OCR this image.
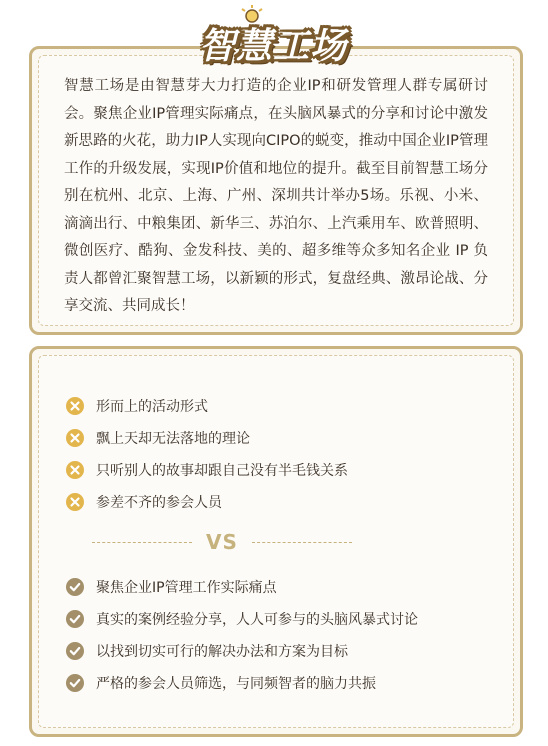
智慧工场

智慧工场是由智慧芽大力打造的企业IP和研发管理人群专属研讨会。聚焦企业IP管理实际痛点，在头脑风暴式的分享和讨论中激发新思路的火花，助力IP人实现向CIPO的蜕变，推动中国企业IP管理工作的升级发展，实现IP价值和地位的提升。截至目前智慧工场分别在杭州、北京、上海、广州、深圳共计举办5场。乐视、小米、滴滴出行、中粮集团、新华三、苏泊尔、上汽乘用车、欧普照明、微创医疗、酷狗、金发科技、美的、超多维等众多知名企业 IP 负责人都曾汇聚智慧工场，以新颖的形式，复盘经典、激昂论战、分享交流、共同成长！

形而上的活动形式
飘上天却无法落地的理论
只听别人的故事却跟自己没有半毛钱关系
参差不齐的参会人员
VS
聚焦企业IP管理工作实际痛点
真实的案例经验分享，人人可参与的头脑风暴式讨论
以找到切实可行的解决办法和方案为目标
严格的参会人员筛选，与同频智者的脑力共振
